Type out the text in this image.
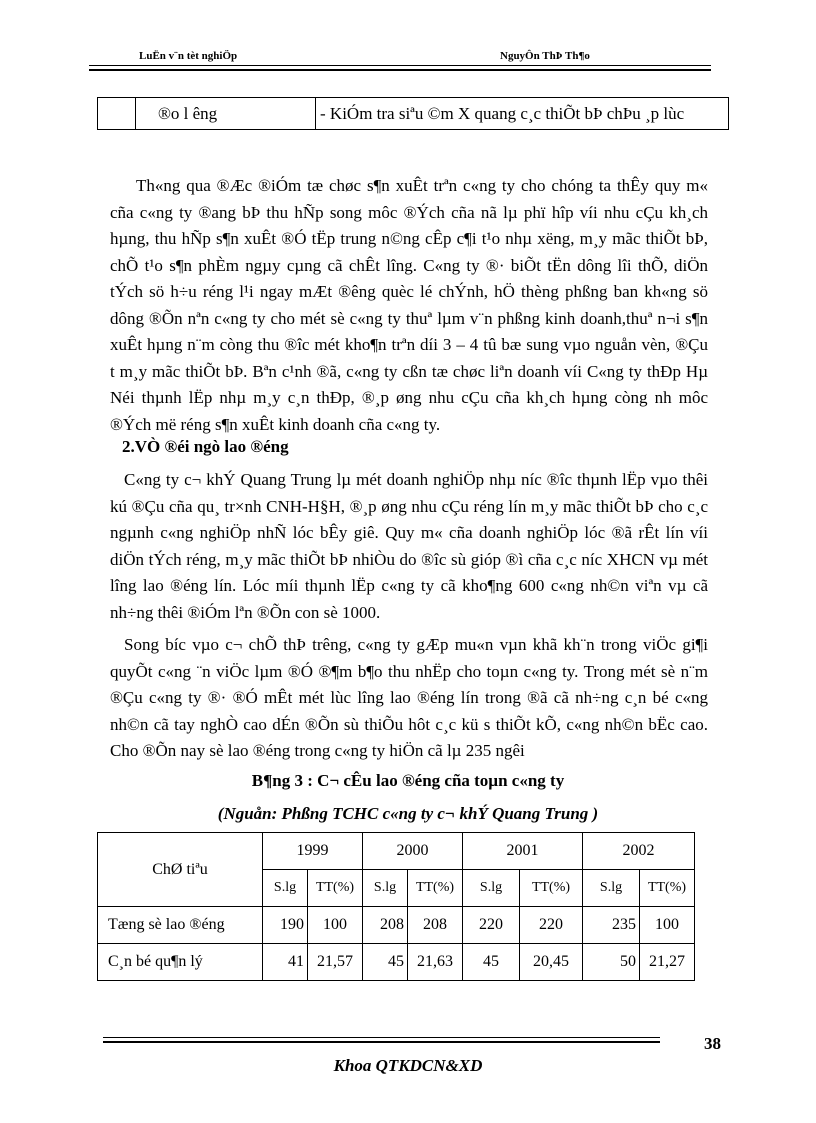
LuËn v¨n tèt nghiÖp	NguyÔn ThÞ Th¶o
	®o l êng	- KiÓm tra siªu ©m X quang c¸c thiÕt bÞ chÞu ¸p lùc
Th«ng qua ®Æc ®iÓm tæ chøc s¶n xuÊt trªn c«ng ty cho chóng ta thÊy quy m« cña c«ng ty ®ang bÞ thu hÑp song môc ®Ých cña nã lµ phï hîp víi nhu cÇu kh¸ch hµng, thu hÑp s¶n xuÊt ®Ó tËp trung n©ng cÊp c¶i t¹o nhµ xëng, m¸y mãc thiÕt bÞ, chÕ t¹o s¶n phÈm ngµy cµng cã chÊt lîng. C«ng ty ®· biÕt tËn dông lîi thÕ, diÖn tÝch sö h÷u réng l¹i ngay mÆt ®êng quèc lé chÝnh, hÖ thèng phßng ban kh«ng sö dông ®Õn nªn c«ng ty cho mét sè c«ng ty thuª lµm v¨n phßng kinh doanh,thuª n¬i s¶n xuÊt hµng n¨m còng thu ®îc mét kho¶n trªn díi 3 – 4 tû bæ sung vµo nguån vèn, ®Çu t m¸y mãc thiÕt bÞ. Bªn c¹nh ®ã, c«ng ty cßn tæ chøc liªn doanh víi C«ng ty thÐp Hµ Néi thµnh lËp nhµ m¸y c¸n thÐp, ®¸p øng nhu cÇu cña kh¸ch hµng còng nh môc ®Ých më réng s¶n xuÊt kinh doanh cña c«ng ty.
2.VÒ ®éi ngò lao ®éng
C«ng ty c¬ khÝ Quang Trung lµ mét doanh nghiÖp nhµ níc ®îc thµnh lËp vµo thêi kú ®Çu cña qu¸ tr×nh CNH-H§H, ®¸p øng nhu cÇu réng lín m¸y mãc thiÕt bÞ cho c¸c ngµnh c«ng nghiÖp nhÑ lóc bÊy giê. Quy m« cña doanh nghiÖp lóc ®ã rÊt lín víi diÖn tÝch réng, m¸y mãc thiÕt bÞ nhiÒu do ®îc sù gióp ®ì cña c¸c níc XHCN vµ mét lîng lao ®éng lín. Lóc míi thµnh lËp c«ng ty cã kho¶ng 600 c«ng nh©n viªn vµ cã nh÷ng thêi ®iÓm lªn ®Õn con sè 1000.
Song bíc vµo c¬ chÕ thÞ trêng, c«ng ty gÆp mu«n vµn khã kh¨n trong viÖc gi¶i quyÕt c«ng ¨n viÖc lµm ®Ó ®¶m b¶o thu nhËp cho toµn c«ng ty. Trong mét sè n¨m ®Çu c«ng ty ®· ®Ó mÊt mét lùc lîng lao ®éng lín trong ®ã cã nh÷ng c¸n bé c«ng nh©n cã tay nghÒ cao dÉn ®Õn sù thiÕu hôt c¸c kü s thiÕt kÕ, c«ng nh©n bËc cao. Cho ®Õn nay sè lao ®éng trong c«ng ty hiÖn cã lµ 235 ngêi
B¶ng 3 : C¬ cÊu lao ®éng cña toµn c«ng ty
(Nguån: Phßng TCHC c«ng ty c¬ khÝ Quang Trung )
ChØ tiªu	1999		2000		2001		2002	
	S.lg	TT(%)	S.lg	TT(%)	S.lg	TT(%)	S.lg	TT(%)
Tæng sè lao ®éng	190	100	208	208	220	220	235	100
C¸n bé qu¶n lý	41	21,57	45	21,63	45	20,45	50	21,27
38
Khoa QTKDCN&XD
